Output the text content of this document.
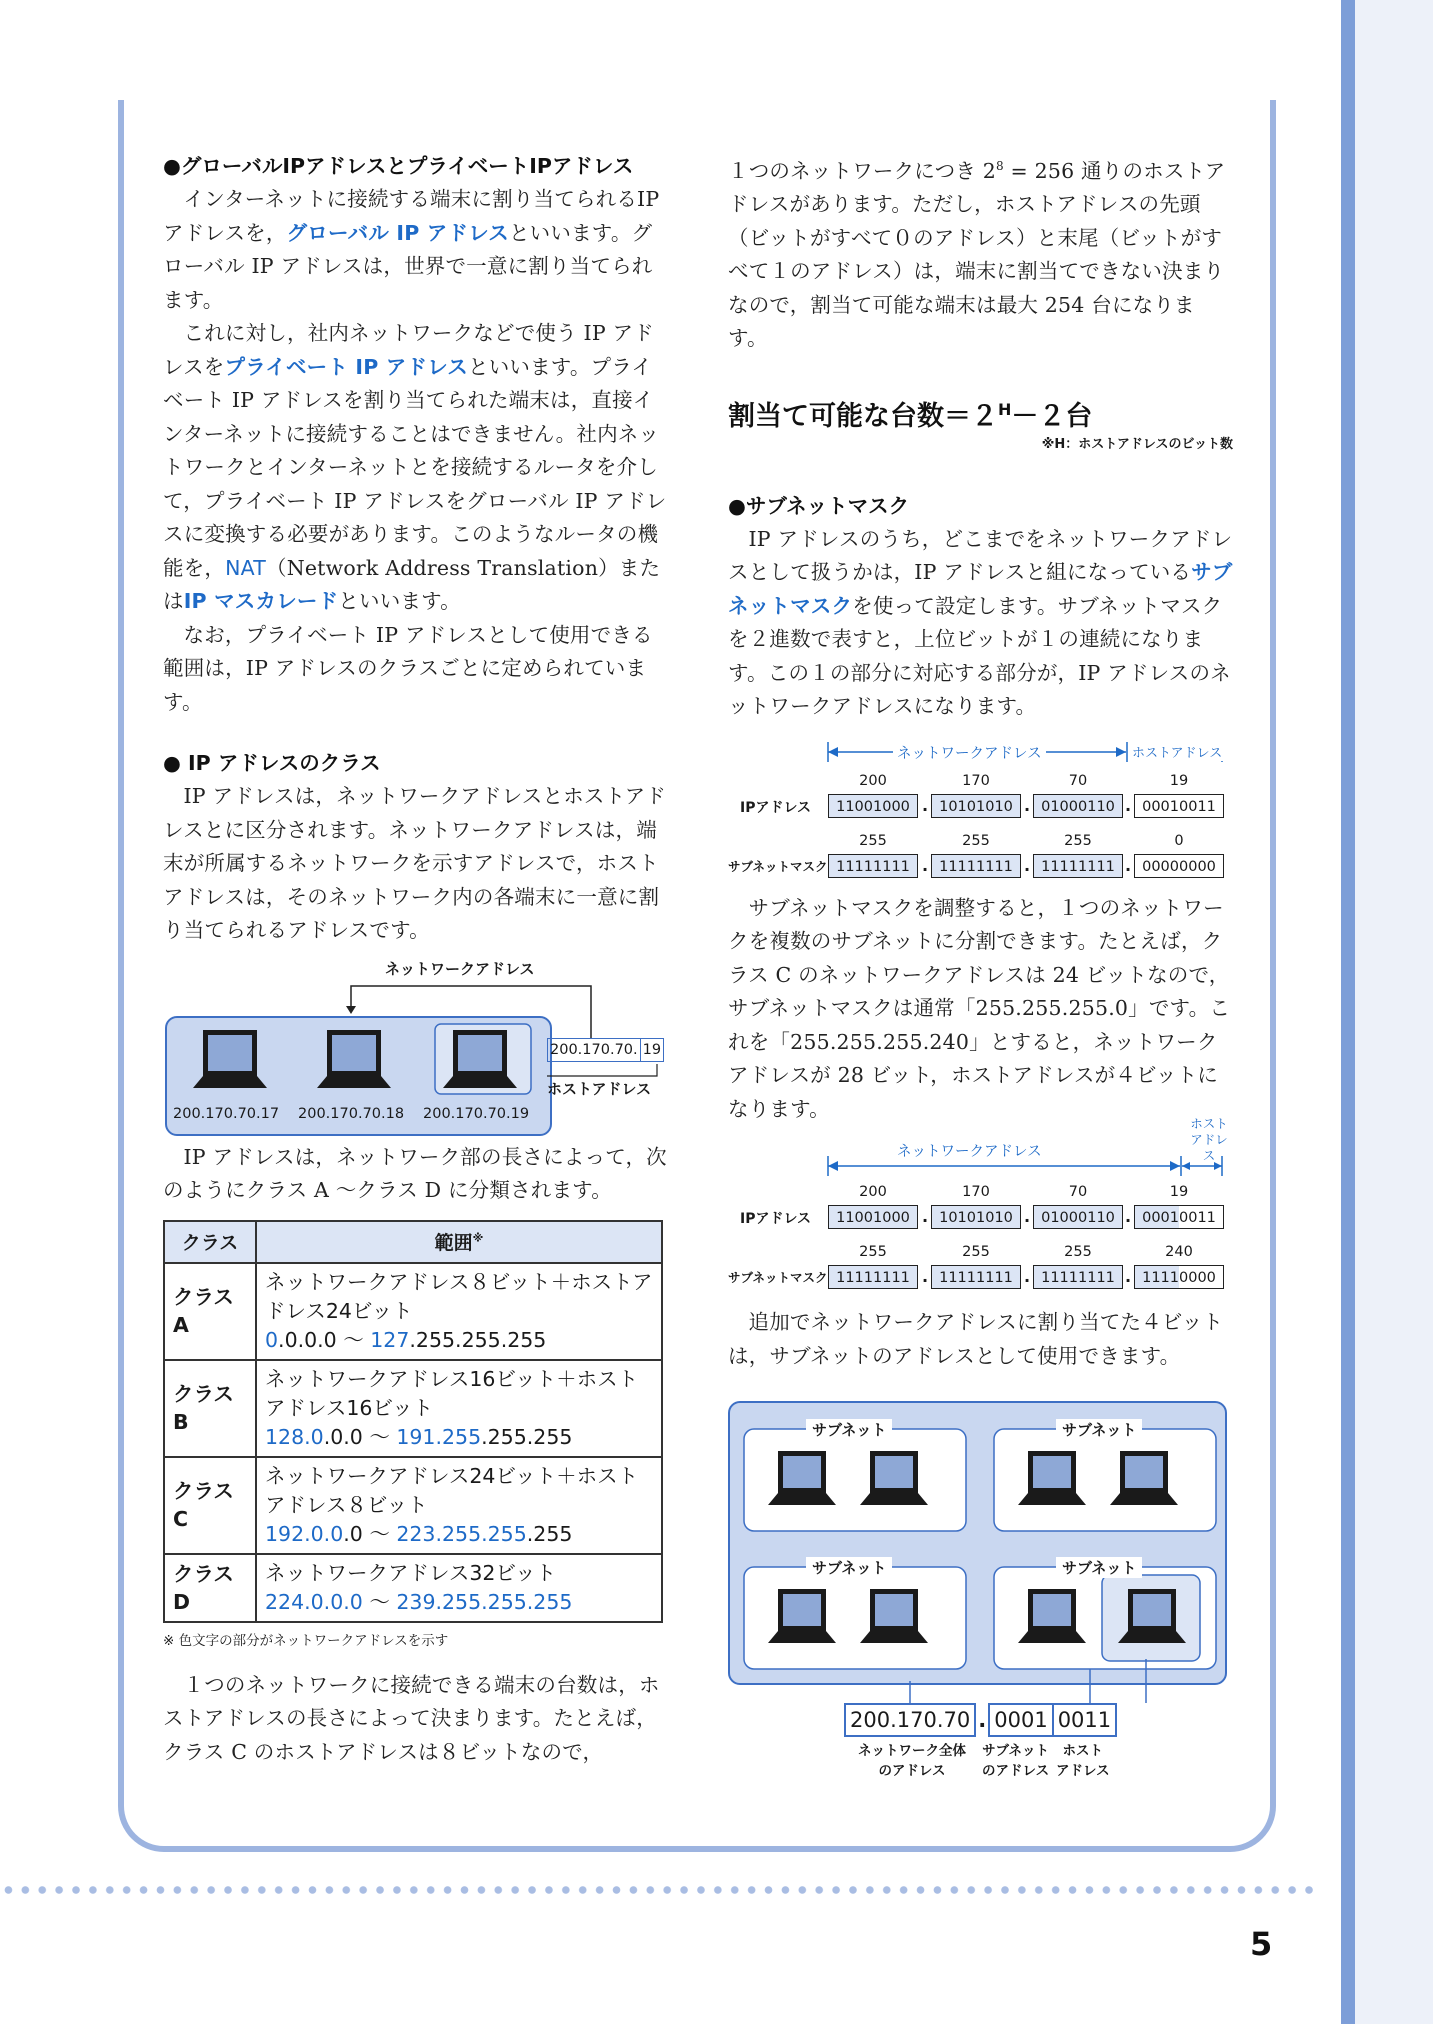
5

●グローバルIPアドレスとプライベートIPアドレス

インターネットに接続する端末に割り当てられるIPアドレスを，グローバル IP アドレスといいます。グローバル IP アドレスは，世界で一意に割り当てられます。

これに対し，社内ネットワークなどで使う IP アドレスをプライベート IP アドレスといいます。プライベート IP アドレスを割り当てられた端末は，直接インターネットに接続することはできません。社内ネットワークとインターネットとを接続するルータを介して，プライベート IP アドレスをグローバル IP アドレスに変換する必要があります。このようなルータの機能を，NAT（Network Address Translation）またはIP マスカレードといいます。

なお，プライベート IP アドレスとして使用できる範囲は，IP アドレスのクラスごとに定められています。

● IP アドレスのクラス

IP アドレスは，ネットワークアドレスとホストアドレスとに区分されます。ネットワークアドレスは，端末が所属するネットワークを示すアドレスで，ホストアドレスは，そのネットワーク内の各端末に一意に割り当てられるアドレスです。

ネットワークアドレス
200.170.70.17 200.170.70.18 200.170.70.19
200.170.70. 19
ホストアドレス

IP アドレスは，ネットワーク部の長さによって，次のようにクラス A ～クラス D に分類されます。

クラス	範囲※
クラス A	ネットワークアドレス８ビット＋ホストアドレス24ビット
0.0.0.0 ～ 127.255.255.255

クラス B	ネットワークアドレス16ビット＋ホストアドレス16ビット
128.0.0.0 ～ 191.255.255.255

クラス C	ネットワークアドレス24ビット＋ホストアドレス８ビット
192.0.0.0 ～ 223.255.255.255

クラス D	ネットワークアドレス32ビット
224.0.0.0 ～ 239.255.255.255

※ 色文字の部分がネットワークアドレスを示す

１つのネットワークに接続できる端末の台数は，ホストアドレスの長さによって決まります。たとえば，クラス C のホストアドレスは８ビットなので，

１つのネットワークにつき $2^8 = 256$ 通りのホストアドレスがあります。ただし，ホストアドレスの先頭（ビットがすべて０のアドレス）と末尾（ビットがすべて１のアドレス）は，端末に割当てできない決まりなので，割当て可能な端末は最大 254 台になります。

割当て可能な台数$=2^H-2$台

※H：ホストアドレスのビット数

●サブネットマスク

IP アドレスのうち，どこまでをネットワークアドレスとして扱うかは，IP アドレスと組になっているサブネットマスクを使って設定します。サブネットマスクを２進数で表すと，上位ビットが１の連続になります。この１の部分に対応する部分が，IP アドレスのネットワークアドレスになります。

ネットワークアドレス	ホストアドレス
200	170	70	19
IPアドレス	11001000 . 10101010 . 01000110 . 00010011
255	255	255	0
サブネットマスク 11111111 . 11111111 . 11111111 . 00000000

サブネットマスクを調整すると，１つのネットワークを複数のサブネットに分割できます。たとえば，クラス C のネットワークアドレスは 24 ビットなので，サブネットマスクは通常「255.255.255.0」です。これを「255.255.255.240」とすると，ネットワークアドレスが 28 ビット，ホストアドレスが４ビットになります。

ネットワークアドレス
ホスト
アドレス
200	170	70	19
IPアドレス	11001000 . 10101010 . 01000110 . 00010011
255	255	255	240
サブネットマスク 11111111 . 11111111 . 11111111 . 11110000

追加でネットワークアドレスに割り当てた４ビットは，サブネットのアドレスとして使用できます。

サブネット	サブネット
サブネット	サブネット
200.170.70 . 0001 0011
ネットワーク全体
のアドレス
サブネット
のアドレス
ホスト
アドレス
